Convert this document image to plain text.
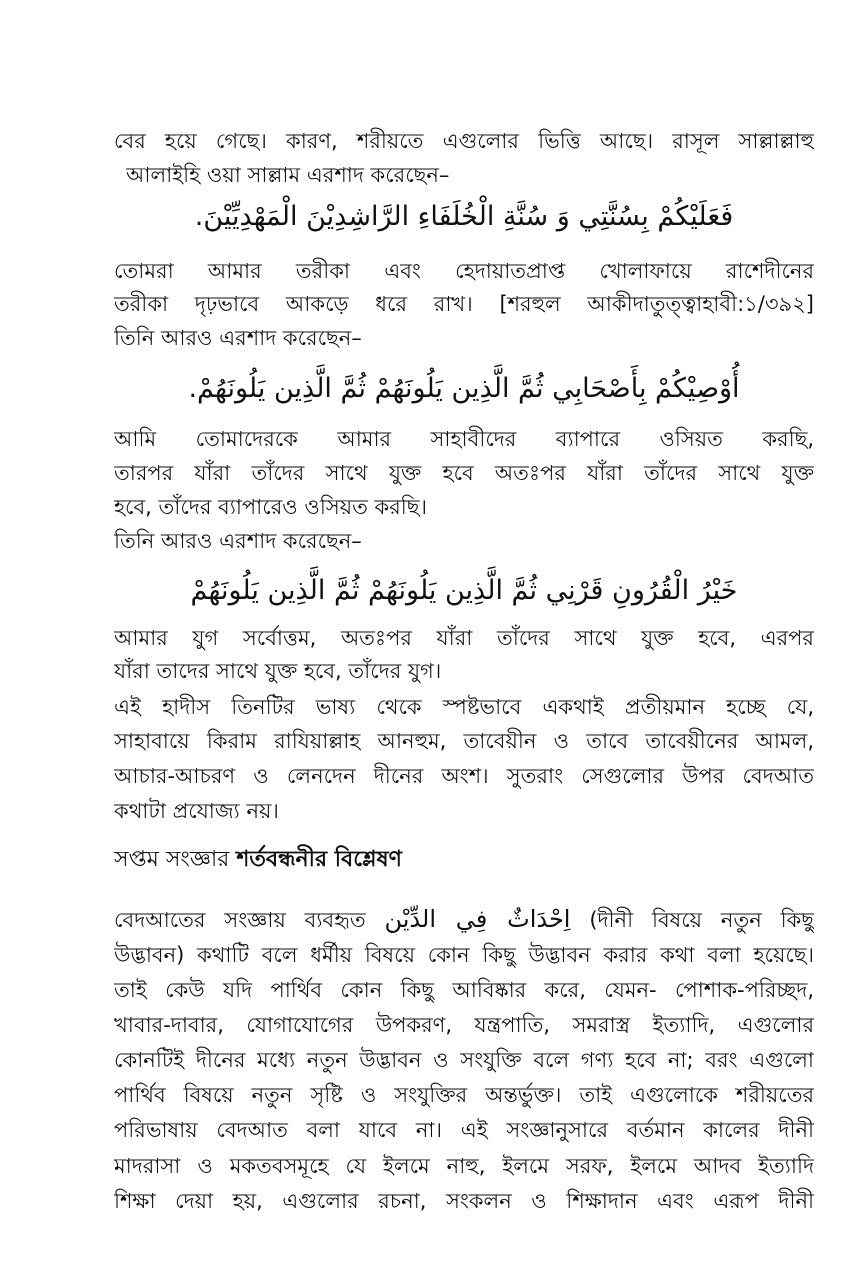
বের হয়ে গেছে। কারণ, শরীয়তে এগুলোর ভিত্তি আছে। রাসূল সাল্লাল্লাহু
আলাইহি ওয়া সাল্লাম এরশাদ করেছেন–
فَعَلَيْكُمْ بِسُنَّتِي وَ سُنَّةِ الْخُلَفَاءِ الرَّاشِدِيْنَ الْمَهْدِيِّيْنَ.
তোমরা আমার তরীকা এবং হেদায়াতপ্রাপ্ত খোলাফায়ে রাশেদীনের
তরীকা দৃঢ়ভাবে আকড়ে ধরে রাখ। [শরহুল আকীদাতুত্ত্বাহাবী:১/৩৯২]
তিনি আরও এরশাদ করেছেন–
أُوْصِيْكُمْ بِأَصْحَابِي ثُمَّ الَّذِين يَلُونَهُمْ ثُمَّ الَّذِين يَلُونَهُمْ.
আমি তোমাদেরকে আমার সাহাবীদের ব্যাপারে ওসিয়ত করছি,
তারপর যাঁরা তাঁদের সাথে যুক্ত হবে অতঃপর যাঁরা তাঁদের সাথে যুক্ত
হবে, তাঁদের ব্যাপারেও ওসিয়ত করছি।
তিনি আরও এরশাদ করেছেন–
خَيْرُ الْقُرُونِ قَرْنِي ثُمَّ الَّذِين يَلُونَهُمْ ثُمَّ الَّذِين يَلُونَهُمْ
আমার যুগ সর্বোত্তম, অতঃপর যাঁরা তাঁদের সাথে যুক্ত হবে, এরপর
যাঁরা তাদের সাথে যুক্ত হবে, তাঁদের যুগ।
এই হাদীস তিনটির ভাষ্য থেকে স্পষ্টভাবে একথাই প্রতীয়মান হচ্ছে যে,
সাহাবায়ে কিরাম রাযিয়াল্লাহ আনহুম, তাবেয়ীন ও তাবে তাবেয়ীনের আমল,
আচার-আচরণ ও লেনদেন দীনের অংশ। সুতরাং সেগুলোর উপর বেদআত
কথাটা প্রযোজ্য নয়।
সপ্তম সংজ্ঞার শর্তবন্ধনীর বিশ্লেষণ
বেদআতের সংজ্ঞায় ব্যবহৃত اِحْدَاثٌ فِي الدِّيْنِ (দীনী বিষয়ে নতুন কিছু
উদ্ভাবন) কথাটি বলে ধর্মীয় বিষয়ে কোন কিছু উদ্ভাবন করার কথা বলা হয়েছে।
তাই কেউ যদি পার্থিব কোন কিছু আবিষ্কার করে, যেমন- পোশাক-পরিচ্ছদ,
খাবার-দাবার, যোগাযোগের উপকরণ, যন্ত্রপাতি, সমরাস্ত্র ইত্যাদি, এগুলোর
কোনটিই দীনের মধ্যে নতুন উদ্ভাবন ও সংযুক্তি বলে গণ্য হবে না; বরং এগুলো
পার্থিব বিষয়ে নতুন সৃষ্টি ও সংযুক্তির অন্তর্ভুক্ত। তাই এগুলোকে শরীয়তের
পরিভাষায় বেদআত বলা যাবে না। এই সংজ্ঞানুসারে বর্তমান কালের দীনী
মাদরাসা ও মকতবসমূহে যে ইলমে নাহু, ইলমে সরফ, ইলমে আদব ইত্যাদি
শিক্ষা দেয়া হয়, এগুলোর রচনা, সংকলন ও শিক্ষাদান এবং এরূপ দীনী
